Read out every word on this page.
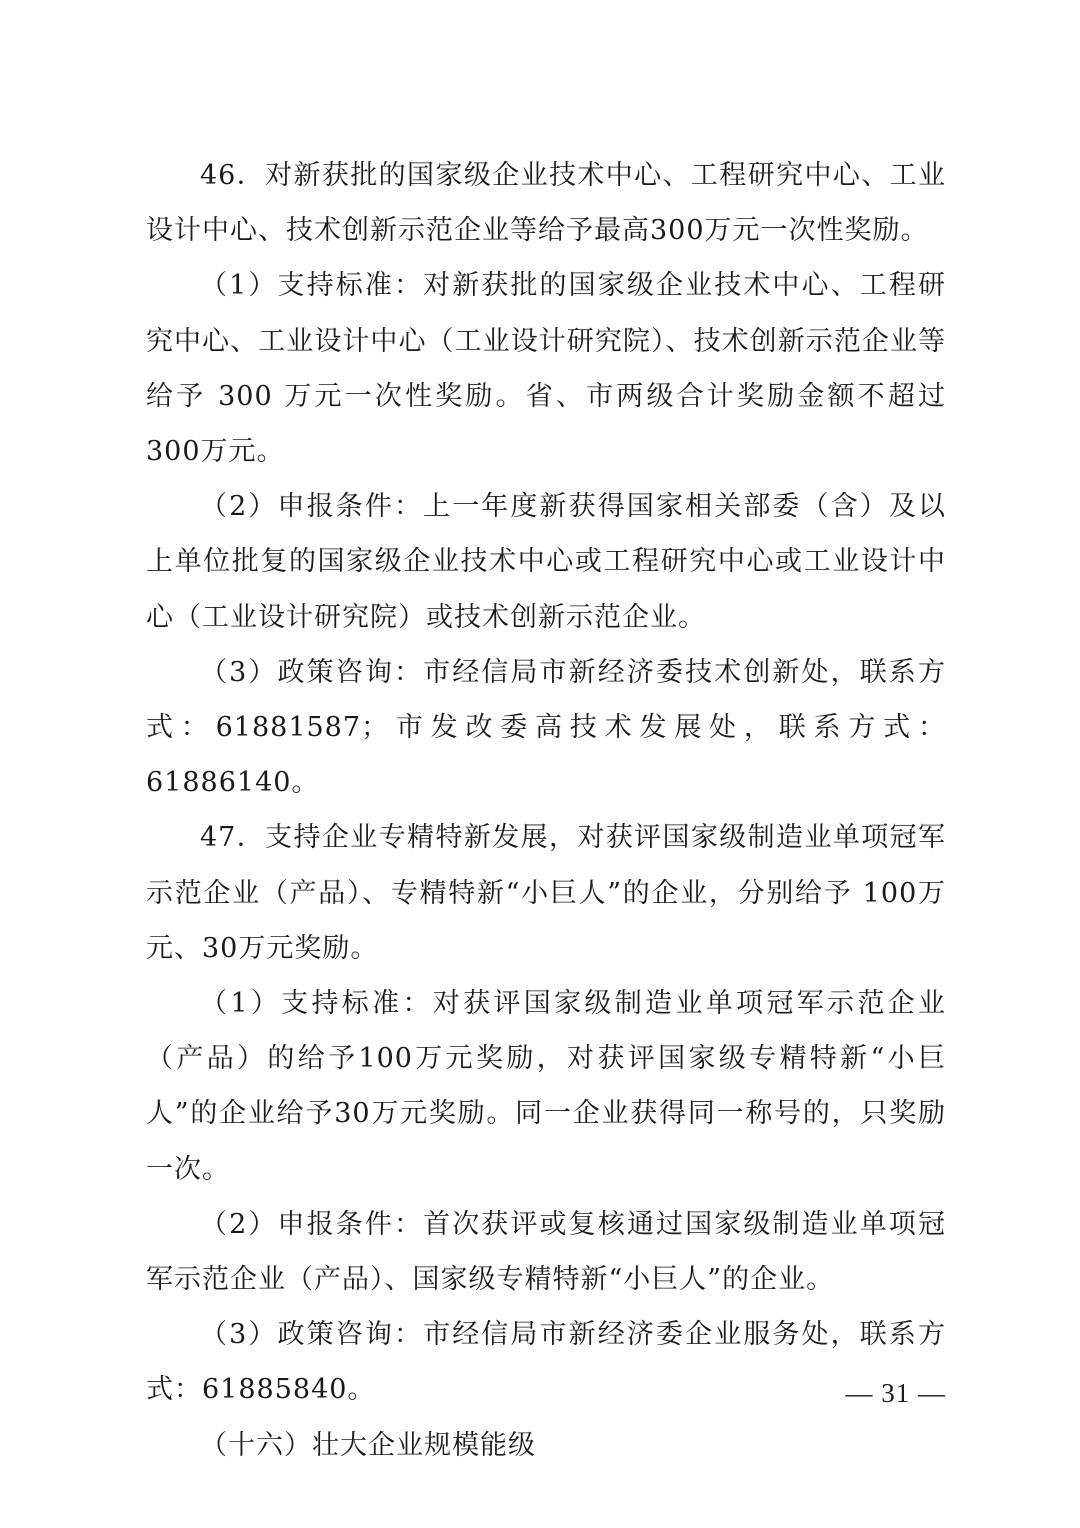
46．对新获批的国家级企业技术中心、工程研究中心、工业设计中心、技术创新示范企业等给予最高300万元一次性奖励。

（1）支持标准：对新获批的国家级企业技术中心、工程研究中心、工业设计中心（工业设计研究院）、技术创新示范企业等给予 300 万元一次性奖励。省、市两级合计奖励金额不超过300万元。

（2）申报条件：上一年度新获得国家相关部委（含）及以上单位批复的国家级企业技术中心或工程研究中心或工业设计中心（工业设计研究院）或技术创新示范企业。

（3）政策咨询：市经信局市新经济委技术创新处，联系方式：61881587；市发改委高技术发展处，联系方式：61886140。

47．支持企业专精特新发展，对获评国家级制造业单项冠军示范企业（产品）、专精特新“小巨人”的企业，分别给予 100万元、30万元奖励。

（1）支持标准：对获评国家级制造业单项冠军示范企业（产品）的给予100万元奖励，对获评国家级专精特新“小巨人”的企业给予30万元奖励。同一企业获得同一称号的，只奖励一次。

（2）申报条件：首次获评或复核通过国家级制造业单项冠军示范企业（产品）、国家级专精特新“小巨人”的企业。

（3）政策咨询：市经信局市新经济委企业服务处，联系方式：61885840。

（十六）壮大企业规模能级

— 31 —
